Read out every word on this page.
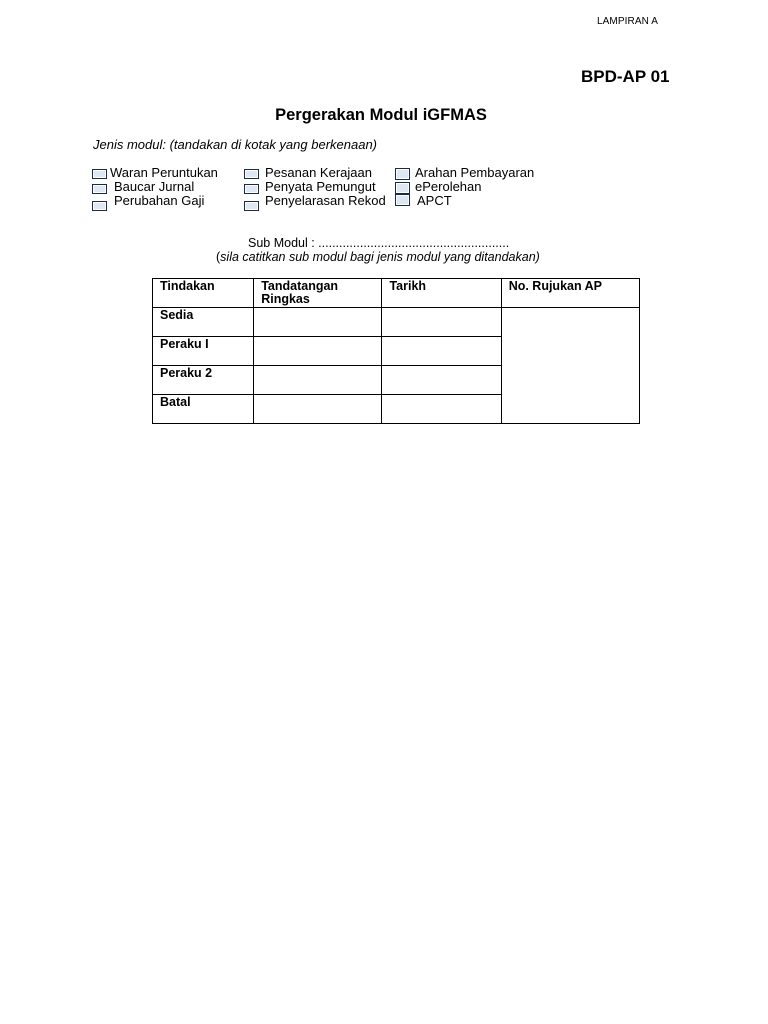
LAMPIRAN A
BPD-AP 01
Pergerakan Modul iGFMAS
Jenis modul: (tandakan di kotak yang berkenaan)
Waran Peruntukan
Baucar Jurnal
Perubahan Gaji
Pesanan Kerajaan
Penyata Pemungut
Penyelarasan Rekod
Arahan Pembayaran
ePerolehan
APCT
Sub Modul : .......................................................
(sila catitkan sub modul bagi jenis modul yang ditandakan)
Tindakan	Tandatangan Ringkas	Tarikh	No. Rujukan AP
Sedia			
Peraku I			
Peraku 2			
Batal			
